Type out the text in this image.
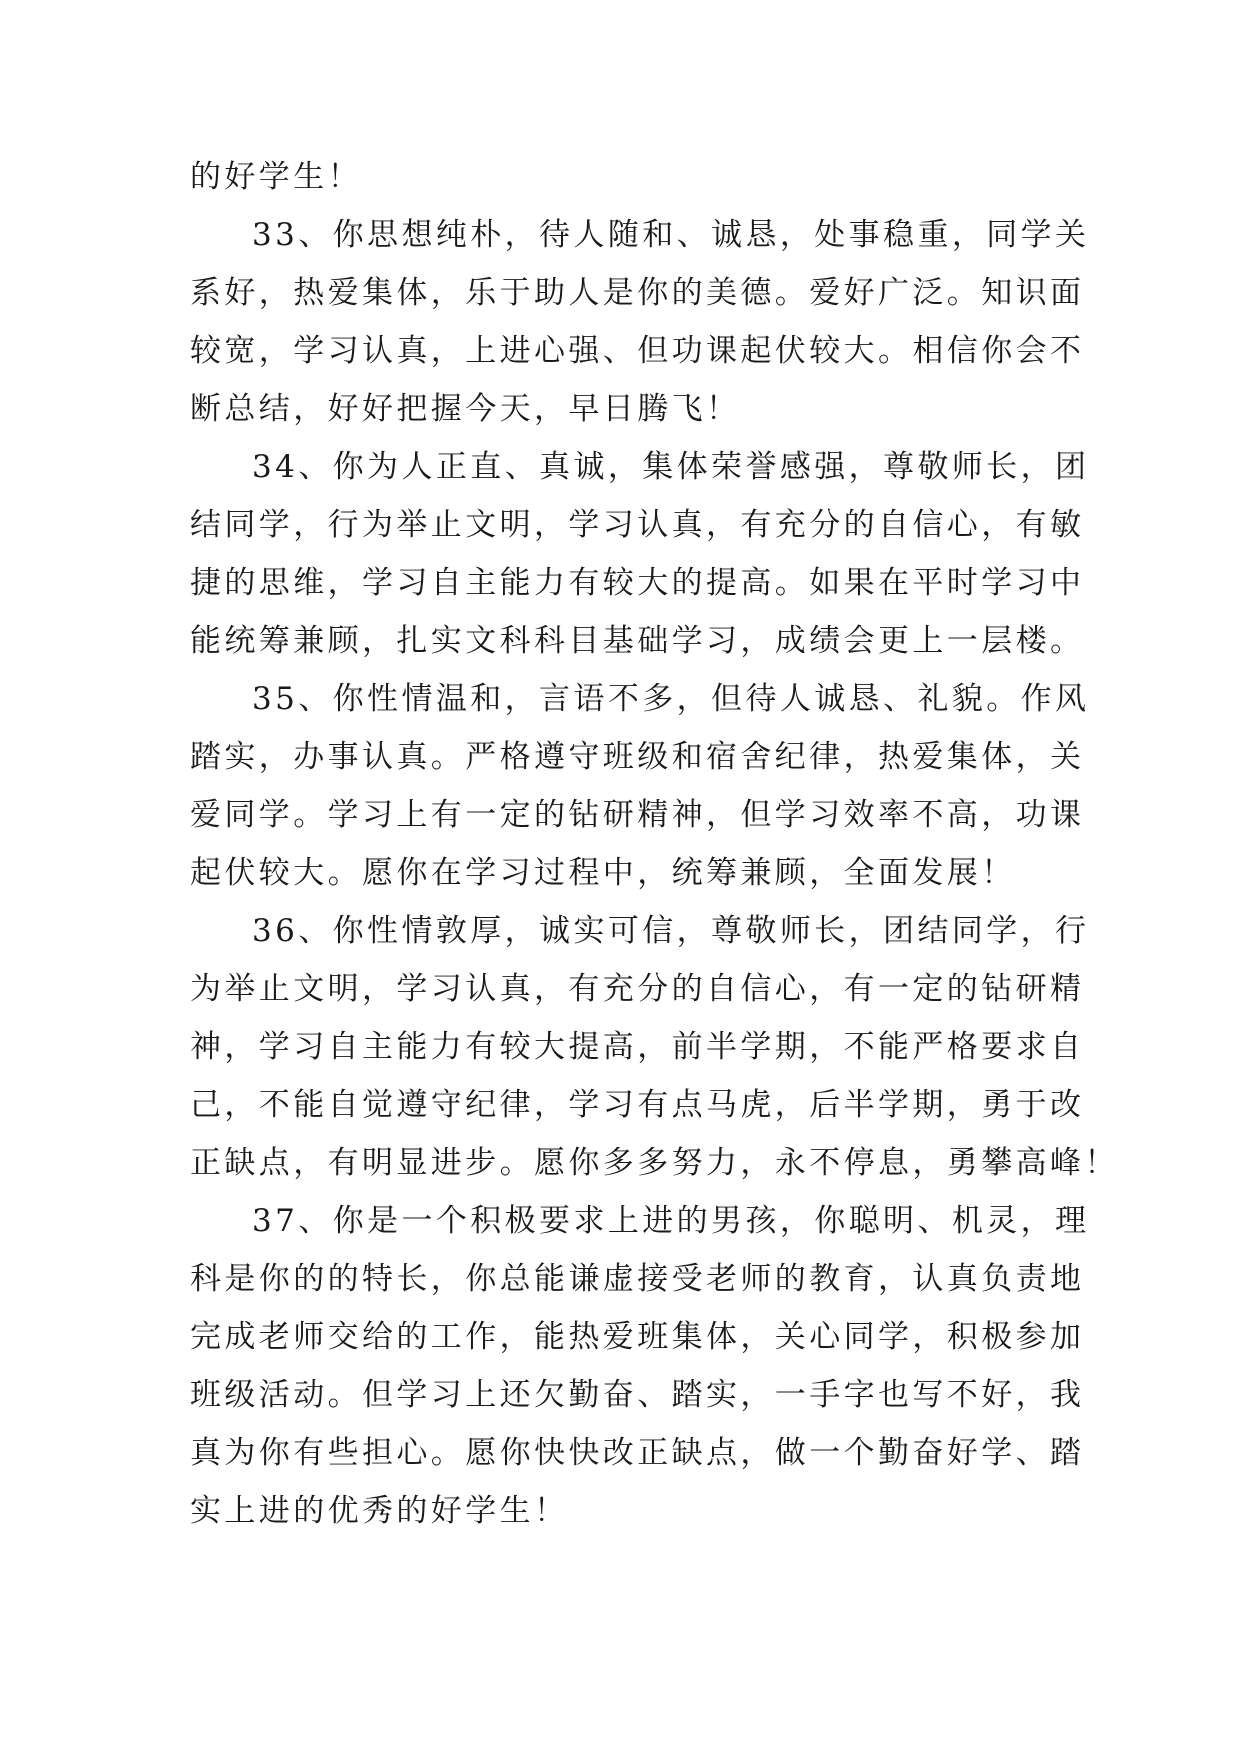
的好学生！
33、你思想纯朴，待人随和、诚恳，处事稳重，同学关
系好，热爱集体，乐于助人是你的美德。爱好广泛。知识面
较宽，学习认真，上进心强、但功课起伏较大。相信你会不
断总结，好好把握今天，早日腾飞！
34、你为人正直、真诚，集体荣誉感强，尊敬师长，团
结同学，行为举止文明，学习认真，有充分的自信心，有敏
捷的思维，学习自主能力有较大的提高。如果在平时学习中
能统筹兼顾，扎实文科科目基础学习，成绩会更上一层楼。
35、你性情温和，言语不多，但待人诚恳、礼貌。作风
踏实，办事认真。严格遵守班级和宿舍纪律，热爱集体，关
爱同学。学习上有一定的钻研精神，但学习效率不高，功课
起伏较大。愿你在学习过程中，统筹兼顾，全面发展！
36、你性情敦厚，诚实可信，尊敬师长，团结同学，行
为举止文明，学习认真，有充分的自信心，有一定的钻研精
神，学习自主能力有较大提高，前半学期，不能严格要求自
己，不能自觉遵守纪律，学习有点马虎，后半学期，勇于改
正缺点，有明显进步。愿你多多努力，永不停息，勇攀高峰！
37、你是一个积极要求上进的男孩，你聪明、机灵，理
科是你的的特长，你总能谦虚接受老师的教育，认真负责地
完成老师交给的工作，能热爱班集体，关心同学，积极参加
班级活动。但学习上还欠勤奋、踏实，一手字也写不好，我
真为你有些担心。愿你快快改正缺点，做一个勤奋好学、踏
实上进的优秀的好学生！
